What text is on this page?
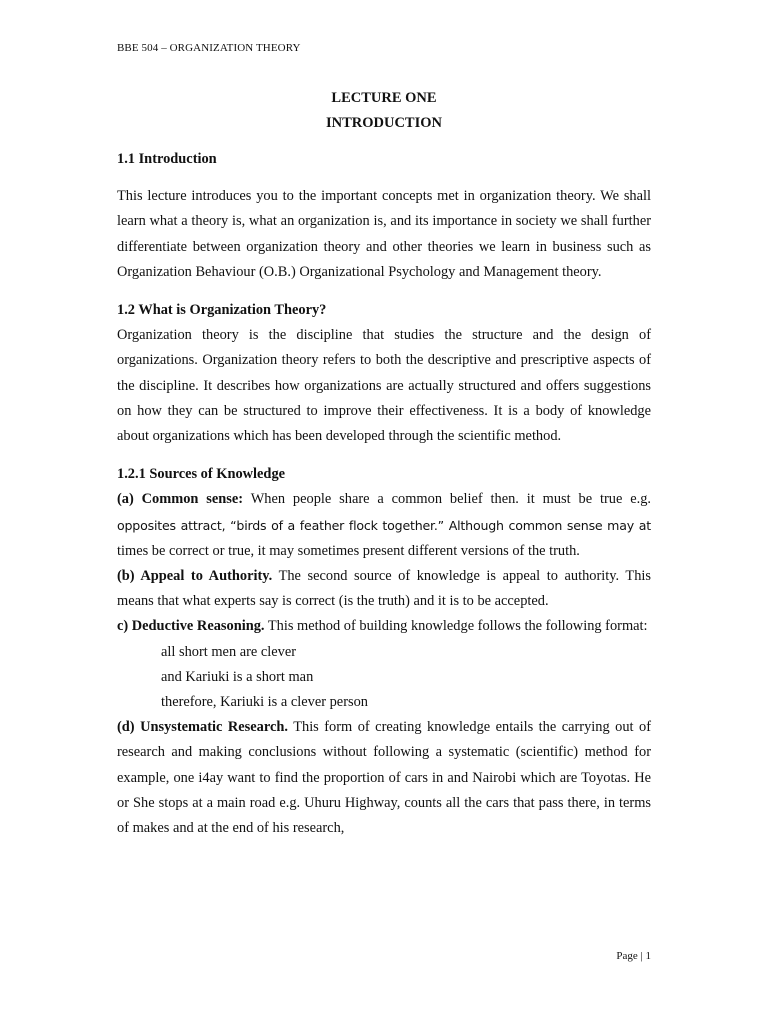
BBE 504 – ORGANIZATION THEORY
LECTURE ONE
INTRODUCTION

1.1 Introduction

This lecture introduces you to the important concepts met in organization theory. We shall learn what a theory is, what an organization is, and its importance in society we shall further differentiate between organization theory and other theories we learn in business such as Organization Behaviour (O.B.) Organizational Psychology and Management theory.

1.2 What is Organization Theory?

Organization theory is the discipline that studies the structure and the design of organizations. Organization theory refers to both the descriptive and prescriptive aspects of the discipline. It describes how organizations are actually structured and offers suggestions on how they can be structured to improve their effectiveness. It is a body of knowledge about organizations which has been developed through the scientific method.

1.2.1 Sources of Knowledge

(a) Common sense: When people share a common belief then. it must be true e.g. opposites attract, “birds of a feather flock together.” Although common sense may at times be correct or true, it may sometimes present different versions of the truth.

(b) Appeal to Authority. The second source of knowledge is appeal to authority. This means that what experts say is correct (is the truth) and it is to be accepted.

c) Deductive Reasoning. This method of building knowledge follows the following format:

all short men are clever

and Kariuki is a short man

therefore, Kariuki is a clever person

(d) Unsystematic Research. This form of creating knowledge entails the carrying out of research and making conclusions without following a systematic (scientific) method for example, one i4ay want to find the proportion of cars in and Nairobi which are Toyotas. He or She stops at a main road e.g. Uhuru Highway, counts all the cars that pass there, in terms of makes and at the end of his research,

Page | 1
